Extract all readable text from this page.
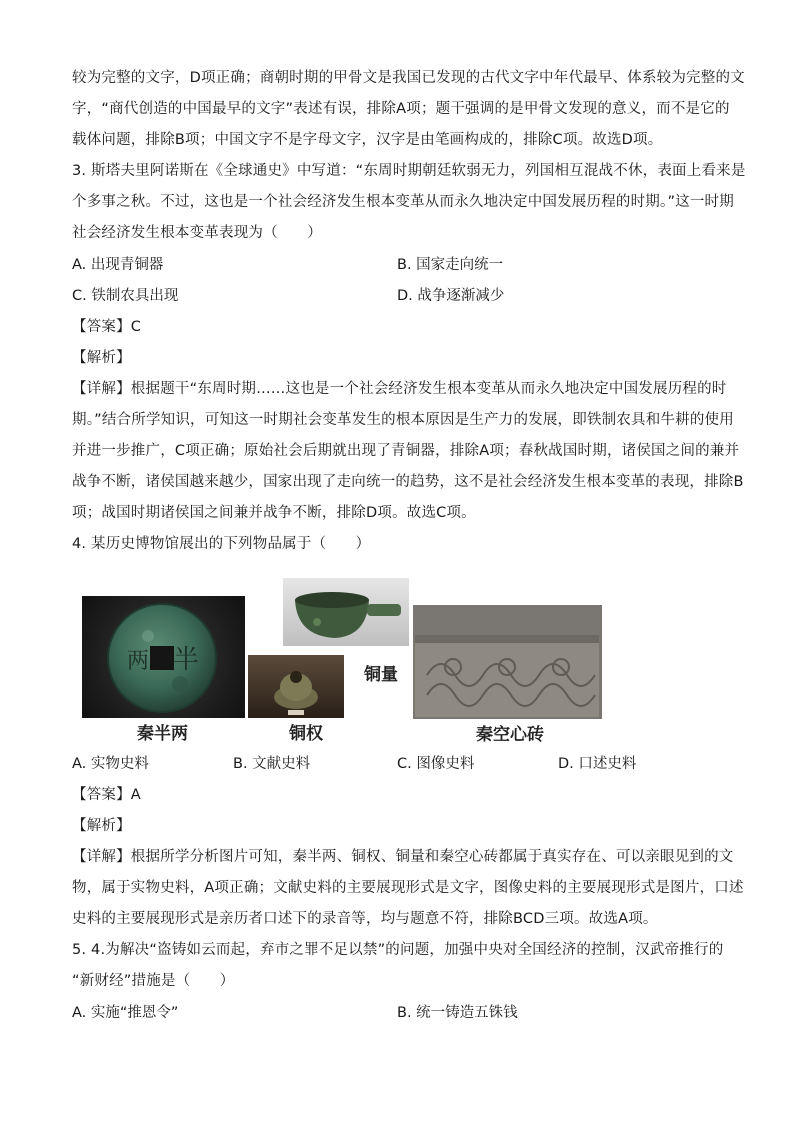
较为完整的文字，D项正确；商朝时期的甲骨文是我国已发现的古代文字中年代最早、体系较为完整的文
字，“商代创造的中国最早的文字”表述有误，排除A项；题干强调的是甲骨文发现的意义，而不是它的
载体问题，排除B项；中国文字不是字母文字，汉字是由笔画构成的，排除C项。故选D项。
3. 斯塔夫里阿诺斯在《全球通史》中写道：“东周时期朝廷软弱无力，列国相互混战不休，表面上看来是
个多事之秋。不过，这也是一个社会经济发生根本变革从而永久地决定中国发展历程的时期。”这一时期
社会经济发生根本变革表现为（　　）
A. 出现青铜器	B. 国家走向统一
C. 铁制农具出现	D. 战争逐渐减少
【答案】C
【解析】
【详解】根据题干“东周时期……这也是一个社会经济发生根本变革从而永久地决定中国发展历程的时
期。”结合所学知识，可知这一时期社会变革发生的根本原因是生产力的发展，即铁制农具和牛耕的使用
并进一步推广，C项正确；原始社会后期就出现了青铜器，排除A项；春秋战国时期，诸侯国之间的兼并
战争不断，诸侯国越来越少，国家出现了走向统一的趋势，这不是社会经济发生根本变革的表现，排除B
项；战国时期诸侯国之间兼并战争不断，排除D项。故选C项。
4. 某历史博物馆展出的下列物品属于（　　）
半
两
秦半两	铜权
铜量
秦空心砖
A. 实物史料	B. 文献史料	C. 图像史料	D. 口述史料
【答案】A
【解析】
【详解】根据所学分析图片可知，秦半两、铜权、铜量和秦空心砖都属于真实存在、可以亲眼见到的文
物，属于实物史料，A项正确；文献史料的主要展现形式是文字，图像史料的主要展现形式是图片，口述
史料的主要展现形式是亲历者口述下的录音等，均与题意不符，排除BCD三项。故选A项。
5. 4.为解决“盗铸如云而起，弃市之罪不足以禁”的问题，加强中央对全国经济的控制，汉武帝推行的
“新财经”措施是（　　）
A. 实施“推恩令”	B. 统一铸造五铢钱
